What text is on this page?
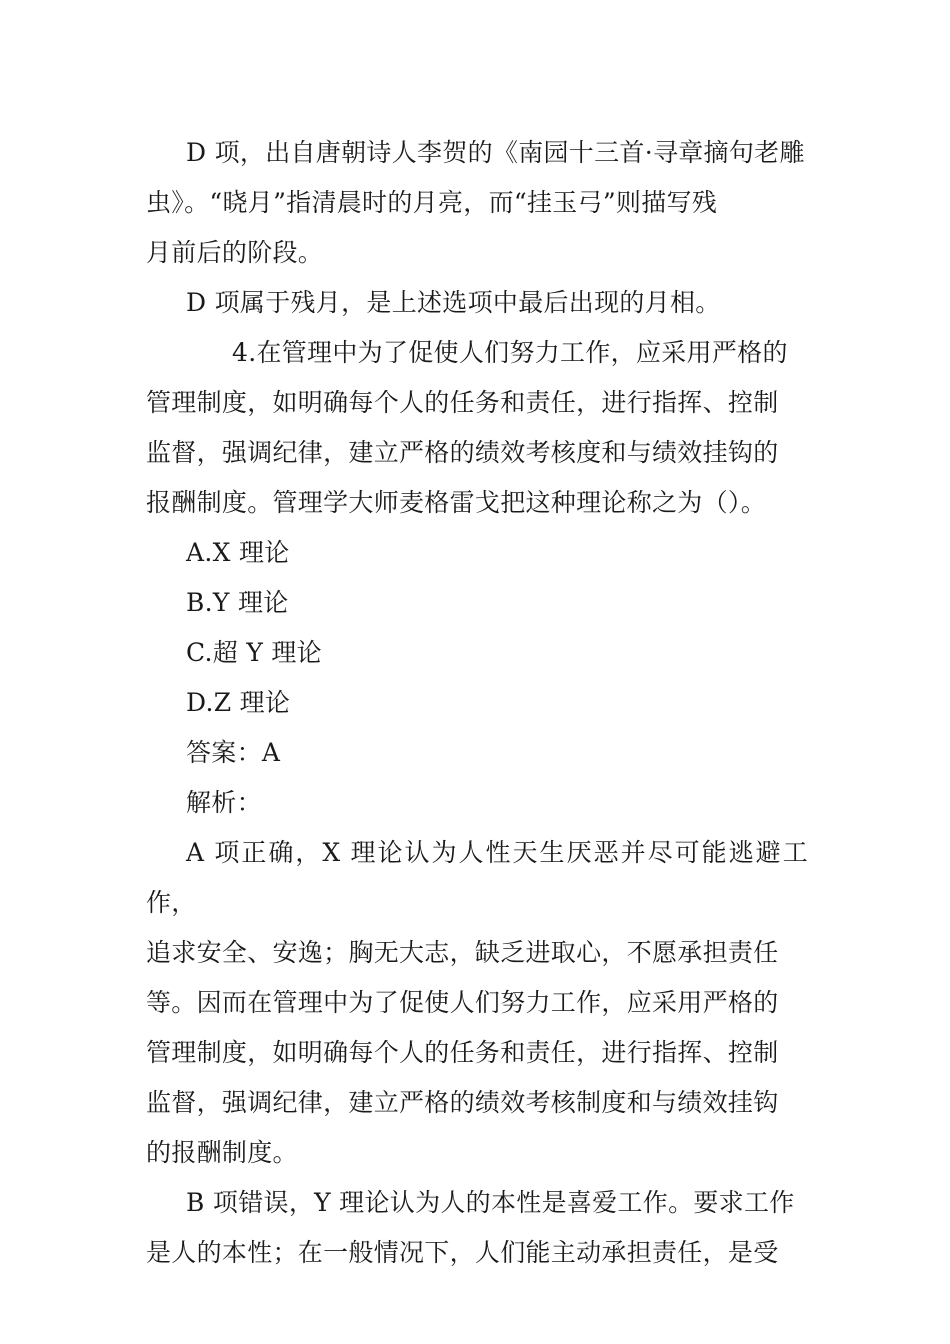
D 项，出自唐朝诗人李贺的《南园十三首·寻章摘句老雕
虫》。“晓月”指清晨时的月亮，而“挂玉弓”则描写残
月前后的阶段。

D 项属于残月，是上述选项中最后出现的月相。

4.在管理中为了促使人们努力工作，应采用严格的
管理制度，如明确每个人的任务和责任，进行指挥、控制
监督，强调纪律，建立严格的绩效考核度和与绩效挂钩的
报酬制度。管理学大师麦格雷戈把这种理论称之为（）。

A.X 理论

B.Y 理论

C.超 Y 理论

D.Z 理论

答案：A

解析：

A 项正确，X 理论认为人性天生厌恶并尽可能逃避工作，
追求安全、安逸；胸无大志，缺乏进取心，不愿承担责任
等。因而在管理中为了促使人们努力工作，应采用严格的
管理制度，如明确每个人的任务和责任，进行指挥、控制
监督，强调纪律，建立严格的绩效考核制度和与绩效挂钩
的报酬制度。

B 项错误，Y 理论认为人的本性是喜爱工作。要求工作
是人的本性；在一般情况下，人们能主动承担责任，是受
